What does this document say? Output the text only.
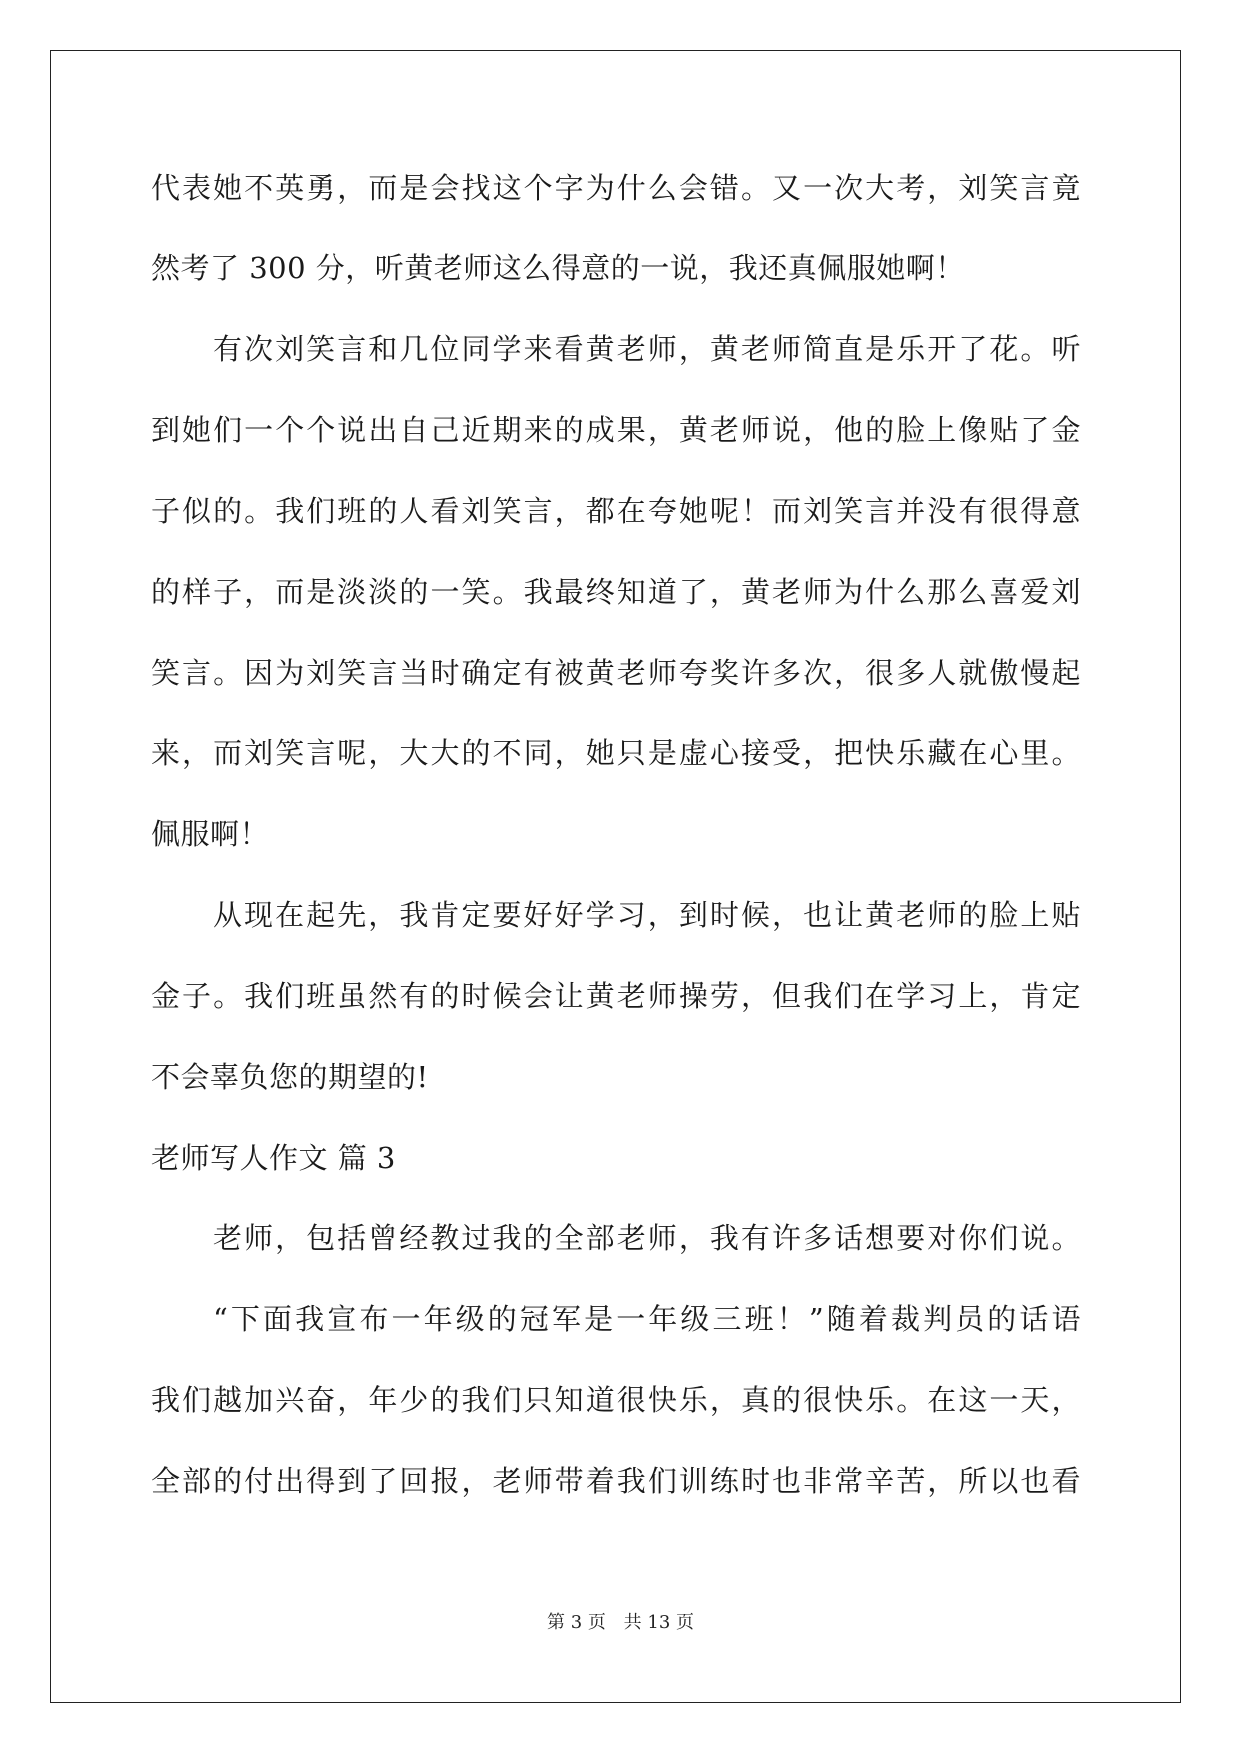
代表她不英勇，而是会找这个字为什么会错。又一次大考，刘笑言竟
然考了 300 分，听黄老师这么得意的一说，我还真佩服她啊！
有次刘笑言和几位同学来看黄老师，黄老师简直是乐开了花。听
到她们一个个说出自己近期来的成果，黄老师说，他的脸上像贴了金
子似的。我们班的人看刘笑言，都在夸她呢！而刘笑言并没有很得意
的样子，而是淡淡的一笑。我最终知道了，黄老师为什么那么喜爱刘
笑言。因为刘笑言当时确定有被黄老师夸奖许多次，很多人就傲慢起
来，而刘笑言呢，大大的不同，她只是虚心接受，把快乐藏在心里。
佩服啊！
从现在起先，我肯定要好好学习，到时候，也让黄老师的脸上贴
金子。我们班虽然有的时候会让黄老师操劳，但我们在学习上，肯定
不会辜负您的期望的!
老师写人作文 篇 3
老师，包括曾经教过我的全部老师，我有许多话想要对你们说。
“下面我宣布一年级的冠军是一年级三班！”随着裁判员的话语
我们越加兴奋，年少的我们只知道很快乐，真的很快乐。在这一天，
全部的付出得到了回报，老师带着我们训练时也非常辛苦，所以也看
第 3 页 共 13 页
